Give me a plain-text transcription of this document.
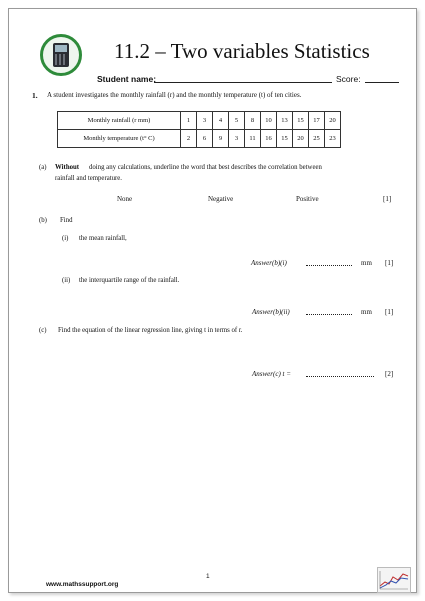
11.2 – Two variables Statistics
Student name:	Score:
1. A student investigates the monthly rainfall (r) and the monthly temperature (t) of ten cities.
Monthly rainfall (r mm)	1	3	4	5	8	10	13	15	17	20
Monthly temperature (t° C)	2	6	9	3	11	16	15	20	25	23
(a) Without doing any calculations, underline the word that best describes the correlation between
rainfall and temperature.
None	Negative	Positive	[1]
(b) Find
(i) the mean rainfall,
Answer(b)(i)	mm [1]
(ii) the interquartile range of the rainfall.
Answer(b)(ii)	mm [1]
(c) Find the equation of the linear regression line, giving t in terms of r.
Answer(c) t =	[2]
1
www.mathssupport.org
